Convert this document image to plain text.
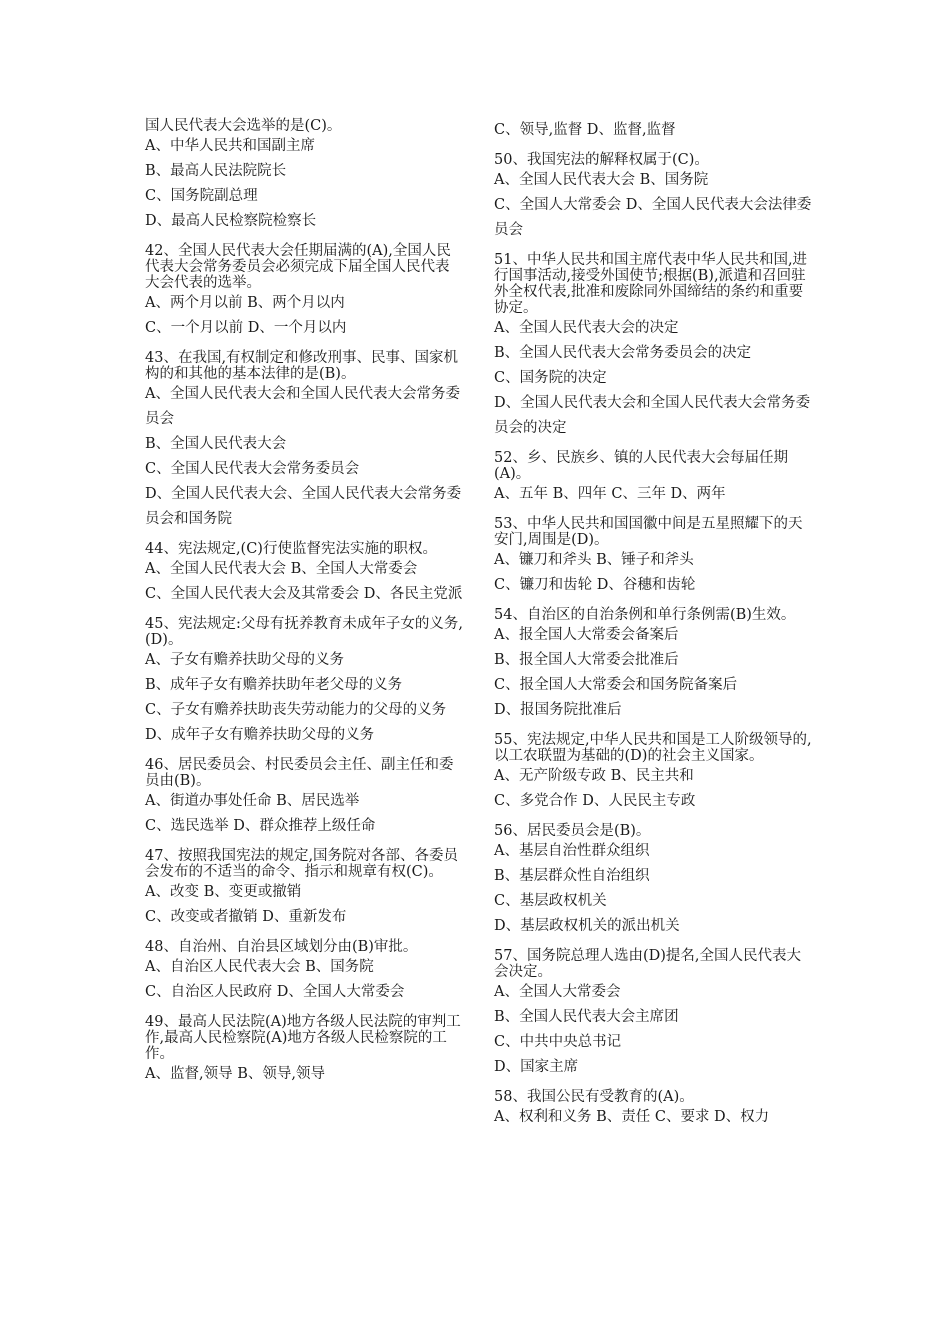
国人民代表大会选举的是(C)。

A、中华人民共和国副主席

B、最高人民法院院长

C、国务院副总理

D、最高人民检察院检察长

42、全国人民代表大会任期届满的(A),全国人民代表大会常务委员会必须完成下届全国人民代表大会代表的选举。

A、两个月以前 B、两个月以内

C、一个月以前 D、一个月以内

43、在我国,有权制定和修改刑事、民事、国家机构的和其他的基本法律的是(B)。

A、全国人民代表大会和全国人民代表大会常务委员会

B、全国人民代表大会

C、全国人民代表大会常务委员会

D、全国人民代表大会、全国人民代表大会常务委员会和国务院

44、宪法规定,(C)行使监督宪法实施的职权。

A、全国人民代表大会 B、全国人大常委会

C、全国人民代表大会及其常委会 D、各民主党派

45、宪法规定:父母有抚养教育未成年子女的义务,(D)。

A、子女有赡养扶助父母的义务

B、成年子女有赡养扶助年老父母的义务

C、子女有赡养扶助丧失劳动能力的父母的义务

D、成年子女有赡养扶助父母的义务

46、居民委员会、村民委员会主任、副主任和委员由(B)。

A、街道办事处任命 B、居民选举

C、选民选举 D、群众推荐上级任命

47、按照我国宪法的规定,国务院对各部、各委员会发布的不适当的命令、指示和规章有权(C)。

A、改变 B、变更或撤销

C、改变或者撤销 D、重新发布

48、自治州、自治县区域划分由(B)审批。

A、自治区人民代表大会 B、国务院

C、自治区人民政府 D、全国人大常委会

49、最高人民法院(A)地方各级人民法院的审判工作,最高人民检察院(A)地方各级人民检察院的工作。

A、监督,领导 B、领导,领导

C、领导,监督 D、监督,监督

50、我国宪法的解释权属于(C)。

A、全国人民代表大会 B、国务院

C、全国人大常委会 D、全国人民代表大会法律委员会

51、中华人民共和国主席代表中华人民共和国,进行国事活动,接受外国使节;根据(B),派遣和召回驻外全权代表,批准和废除同外国缔结的条约和重要协定。

A、全国人民代表大会的决定

B、全国人民代表大会常务委员会的决定

C、国务院的决定

D、全国人民代表大会和全国人民代表大会常务委员会的决定

52、乡、民族乡、镇的人民代表大会每届任期(A)。

A、五年 B、四年 C、三年 D、两年

53、中华人民共和国国徽中间是五星照耀下的天安门,周围是(D)。

A、镰刀和斧头 B、锤子和斧头

C、镰刀和齿轮 D、谷穗和齿轮

54、自治区的自治条例和单行条例需(B)生效。

A、报全国人大常委会备案后

B、报全国人大常委会批准后

C、报全国人大常委会和国务院备案后

D、报国务院批准后

55、宪法规定,中华人民共和国是工人阶级领导的,以工农联盟为基础的(D)的社会主义国家。

A、无产阶级专政 B、民主共和

C、多党合作 D、人民民主专政

56、居民委员会是(B)。

A、基层自治性群众组织

B、基层群众性自治组织

C、基层政权机关

D、基层政权机关的派出机关

57、国务院总理人选由(D)提名,全国人民代表大会决定。

A、全国人大常委会

B、全国人民代表大会主席团

C、中共中央总书记

D、国家主席

58、我国公民有受教育的(A)。

A、权利和义务 B、责任 C、要求 D、权力
